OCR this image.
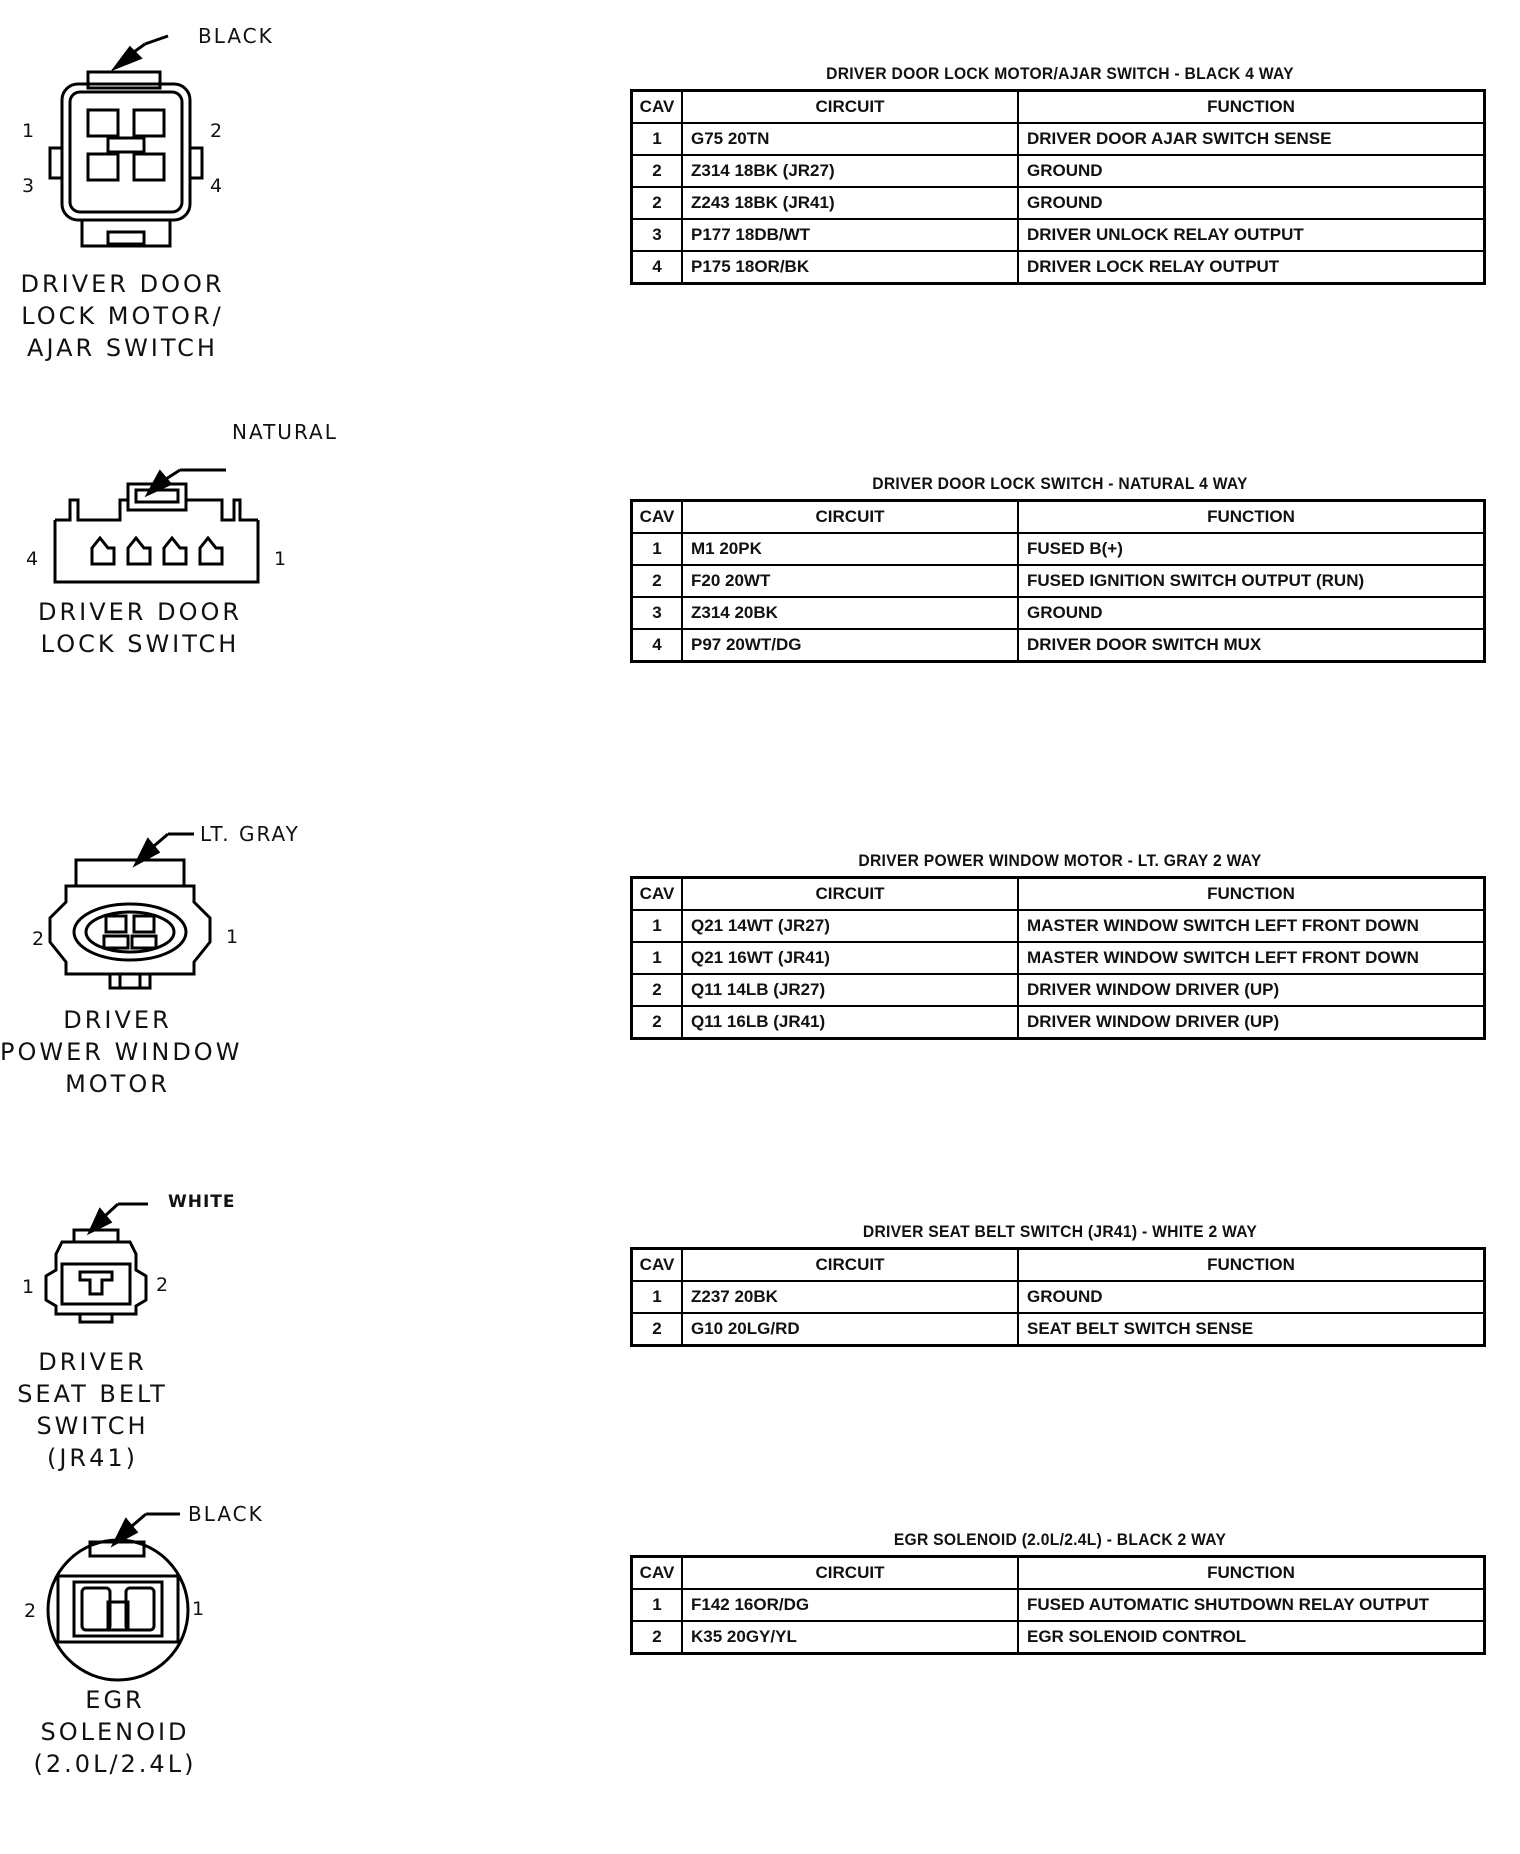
BLACK
1	2
3	4
DRIVER DOOR
LOCK MOTOR/
AJAR SWITCH
DRIVER DOOR LOCK MOTOR/AJAR SWITCH - BLACK 4 WAY
CAV	CIRCUIT	FUNCTION
1	G75 20TN	DRIVER DOOR AJAR SWITCH SENSE
2	Z314 18BK (JR27)	GROUND
2	Z243 18BK (JR41)	GROUND
3	P177 18DB/WT	DRIVER UNLOCK RELAY OUTPUT
4	P175 18OR/BK	DRIVER LOCK RELAY OUTPUT
NATURAL
4	1
DRIVER DOOR
LOCK SWITCH
DRIVER DOOR LOCK SWITCH - NATURAL 4 WAY
CAV	CIRCUIT	FUNCTION
1	M1 20PK	FUSED B(+)
2	F20 20WT	FUSED IGNITION SWITCH OUTPUT (RUN)
3	Z314 20BK	GROUND
4	P97 20WT/DG	DRIVER DOOR SWITCH MUX
LT. GRAY
2	1
DRIVER
POWER WINDOW
MOTOR
DRIVER POWER WINDOW MOTOR - LT. GRAY 2 WAY
CAV	CIRCUIT	FUNCTION
1	Q21 14WT (JR27)	MASTER WINDOW SWITCH LEFT FRONT DOWN
1	Q21 16WT (JR41)	MASTER WINDOW SWITCH LEFT FRONT DOWN
2	Q11 14LB (JR27)	DRIVER WINDOW DRIVER (UP)
2	Q11 16LB (JR41)	DRIVER WINDOW DRIVER (UP)
WHITE
1	2
DRIVER
SEAT BELT
SWITCH
(JR41)
DRIVER SEAT BELT SWITCH (JR41) - WHITE 2 WAY
CAV	CIRCUIT	FUNCTION
1	Z237 20BK	GROUND
2	G10 20LG/RD	SEAT BELT SWITCH SENSE
BLACK
2	1
EGR
SOLENOID
(2.0L/2.4L)
EGR SOLENOID (2.0L/2.4L) - BLACK 2 WAY
CAV	CIRCUIT	FUNCTION
1	F142 16OR/DG	FUSED AUTOMATIC SHUTDOWN RELAY OUTPUT
2	K35 20GY/YL	EGR SOLENOID CONTROL
